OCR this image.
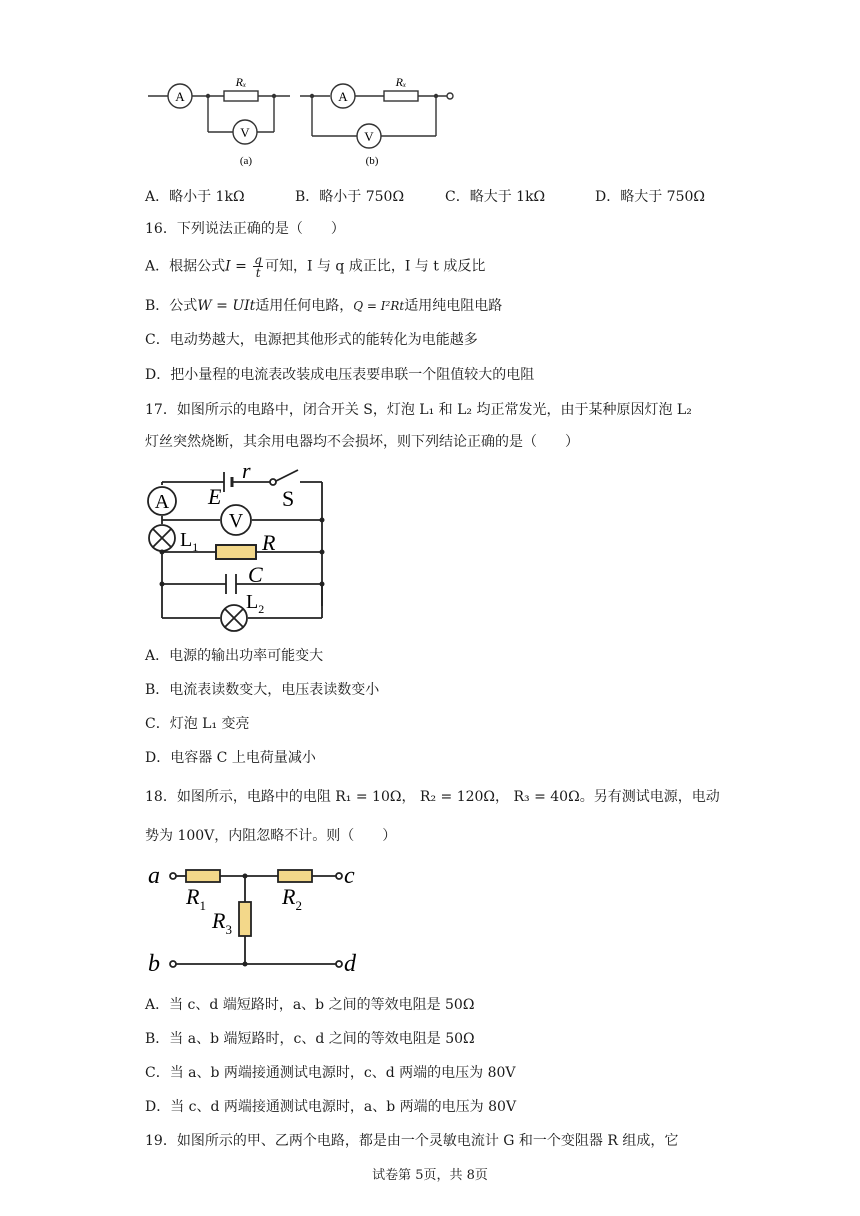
A
V
Rₓ
A
V
Rₓ
(a)	(b)
A．略小于 1kΩ	B．略小于 750Ω	C．略大于 1kΩ	D．略大于 750Ω
16．下列说法正确的是（　　）
A．根据公式$I = \frac{q}{t}$ 可知，I 与 q 成正比，I 与 t 成反比
B．公式W = UIt适用任何电路，Q = I²Rt适用纯电阻电路
C．电动势越大，电源把其他形式的能转化为电能越多
D．把小量程的电流表改装成电压表要串联一个阻值较大的电阻
17．如图所示的电路中，闭合开关 S，灯泡 L₁ 和 L₂ 均正常发光，由于某种原因灯泡 L₂
灯丝突然烧断，其余用电器均不会损坏，则下列结论正确的是（　　）
A
V
E
r
S
$L_1$	R
C
$L_2$
A．电源的输出功率可能变大
B．电流表读数变大，电压表读数变小
C．灯泡 L₁ 变亮
D．电容器 C 上电荷量减小
18．如图所示，电路中的电阻 R₁ = 10Ω， R₂ = 120Ω， R₃ = 40Ω。另有测试电源，电动
势为 100V，内阻忽略不计。则（　　）
a
b
c
d
$R_1$	$R_2$
$R_3$
A．当 c、d 端短路时，a、b 之间的等效电阻是 50Ω
B．当 a、b 端短路时，c、d 之间的等效电阻是 50Ω
C．当 a、b 两端接通测试电源时，c、d 两端的电压为 80V
D．当 c、d 两端接通测试电源时，a、b 两端的电压为 80V
19．如图所示的甲、乙两个电路，都是由一个灵敏电流计 G 和一个变阻器 R 组成，它
试卷第 5页，共 8页
